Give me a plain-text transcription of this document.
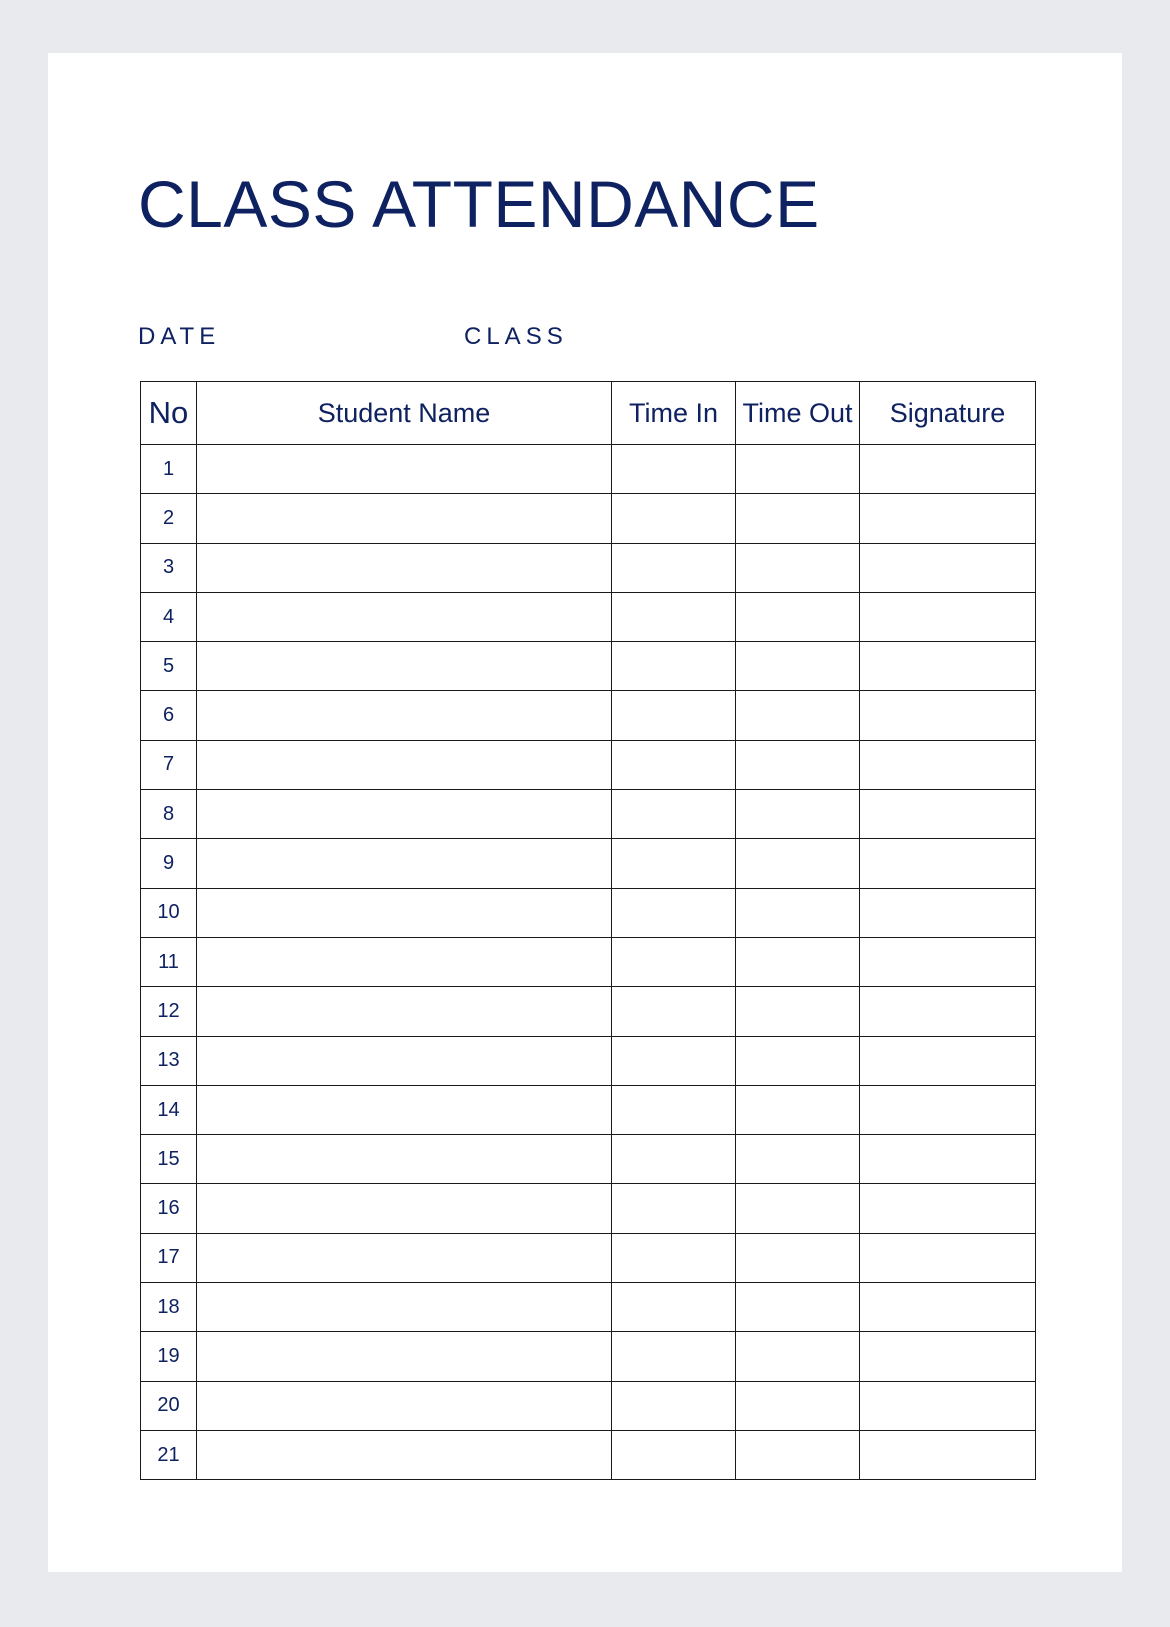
CLASS ATTENDANCE
DATE	CLASS
No	Student Name	Time In	Time Out	Signature
1				
2				
3				
4				
5				
6				
7				
8				
9				
10				
11				
12				
13				
14				
15				
16				
17				
18				
19				
20				
21				
